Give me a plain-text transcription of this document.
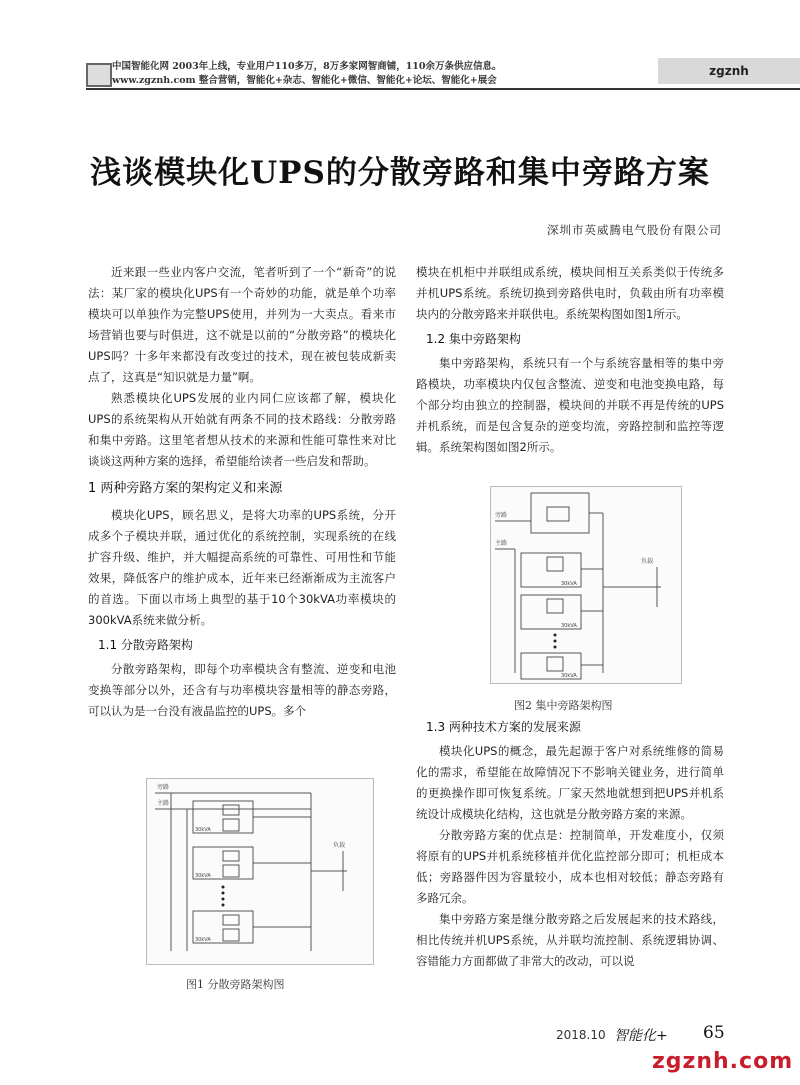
中国智能化网 2003年上线，专业用户110多万，8万多家网智商铺，110余万条供应信息。
www.zgznh.com 整合营销，智能化+杂志、智能化+微信、智能化+论坛、智能化+展会
zgznh
浅谈模块化UPS的分散旁路和集中旁路方案
深圳市英威腾电气股份有限公司

近来跟一些业内客户交流，笔者听到了一个“新奇”的说法：某厂家的模块化UPS有一个奇妙的功能，就是单个功率模块可以单独作为完整UPS使用，并列为一大卖点。看来市场营销也要与时俱进，这不就是以前的“分散旁路”的模块化UPS吗？十多年来都没有改变过的技术，现在被包装成新卖点了，这真是“知识就是力量”啊。

熟悉模块化UPS发展的业内同仁应该都了解，模块化UPS的系统架构从开始就有两条不同的技术路线：分散旁路和集中旁路。这里笔者想从技术的来源和性能可靠性来对比谈谈这两种方案的选择，希望能给读者一些启发和帮助。

1 两种旁路方案的架构定义和来源

模块化UPS，顾名思义，是将大功率的UPS系统，分开成多个子模块并联，通过优化的系统控制，实现系统的在线扩容升级、维护，并大幅提高系统的可靠性、可用性和节能效果，降低客户的维护成本，近年来已经渐渐成为主流客户的首选。下面以市场上典型的基于10个30kVA功率模块的300kVA系统来做分析。

1.1 分散旁路架构

分散旁路架构，即每个功率模块含有整流、逆变和电池变换等部分以外，还含有与功率模块容量相等的静态旁路，可以认为是一台没有液晶监控的UPS。多个

旁路
主路
负载
30kVA
30kVA
30kVA
图1 分散旁路架构图

模块在机柜中并联组成系统，模块间相互关系类似于传统多并机UPS系统。系统切换到旁路供电时，负载由所有功率模块内的分散旁路来并联供电。系统架构图如图1所示。

1.2 集中旁路架构

集中旁路架构，系统只有一个与系统容量相等的集中旁路模块，功率模块内仅包含整流、逆变和电池变换电路，每个部分均由独立的控制器，模块间的并联不再是传统的UPS并机系统，而是包含复杂的逆变均流，旁路控制和监控等逻辑。系统架构图如图2所示。

旁路
主路
负载
30kVA
30kVA
30kVA
图2 集中旁路架构图
1.3 两种技术方案的发展来源

模块化UPS的概念，最先起源于客户对系统维修的简易化的需求，希望能在故障情况下不影响关键业务，进行简单的更换操作即可恢复系统。厂家天然地就想到把UPS并机系统设计成模块化结构，这也就是分散旁路方案的来源。

分散旁路方案的优点是：控制简单，开发难度小，仅须将原有的UPS并机系统移植并优化监控部分即可；机柜成本低；旁路器件因为容量较小，成本也相对较低；静态旁路有多路冗余。

集中旁路方案是继分散旁路之后发展起来的技术路线，相比传统并机UPS系统，从并联均流控制、系统逻辑协调、容错能力方面都做了非常大的改动，可以说

2018.10 智能化+ 65
zgznh.com
